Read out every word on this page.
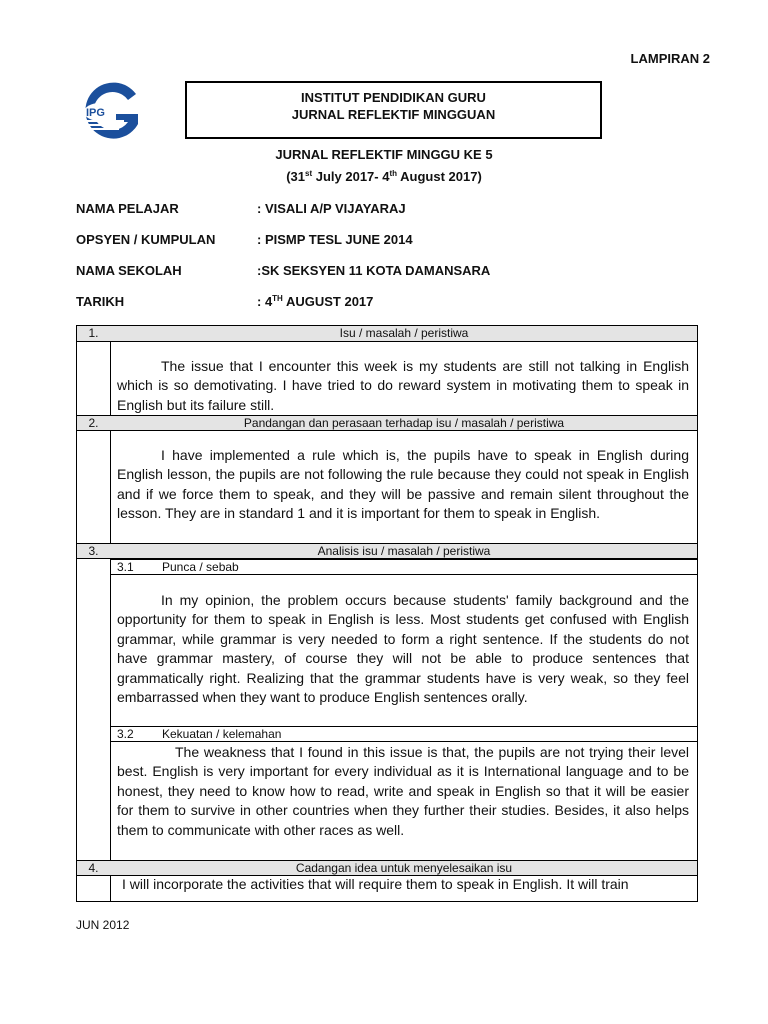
LAMPIRAN 2
IPG
INSTITUT PENDIDIKAN GURU
JURNAL REFLEKTIF MINGGUAN
JURNAL REFLEKTIF MINGGU KE 5
(31st July 2017- 4th August 2017)
NAMA PELAJAR	: VISALI A/P VIJAYARAJ
OPSYEN / KUMPULAN	: PISMP TESL JUNE 2014
NAMA SEKOLAH	:SK SEKSYEN 11 KOTA DAMANSARA
TARIKH	: 4TH AUGUST 2017
1.	Isu / masalah / peristiwa
The issue that I encounter this week is my students are still not talking in English which is so demotivating. I have tried to do reward system in motivating them to speak in English but its failure still.
2.	Pandangan dan perasaan terhadap isu / masalah / peristiwa
I have implemented a rule which is, the pupils have to speak in English during English lesson, the pupils are not following the rule because they could not speak in English and if we force them to speak, and they will be passive and remain silent throughout the lesson. They are in standard 1 and it is important for them to speak in English.
3.	Analisis isu / masalah / peristiwa
3.1 Punca / sebab
In my opinion, the problem occurs because students' family background and the opportunity for them to speak in English is less. Most students get confused with English grammar, while grammar is very needed to form a right sentence. If the students do not have grammar mastery, of course they will not be able to produce sentences that grammatically right. Realizing that the grammar students have is very weak, so they feel embarrassed when they want to produce English sentences orally.
3.2 Kekuatan / kelemahan
The weakness that I found in this issue is that, the pupils are not trying their level best. English is very important for every individual as it is International language and to be honest, they need to know how to read, write and speak in English so that it will be easier for them to survive in other countries when they further their studies. Besides, it also helps them to communicate with other races as well.
4.	Cadangan idea untuk menyelesaikan isu
I will incorporate the activities that will require them to speak in English. It will train
JUN 2012
